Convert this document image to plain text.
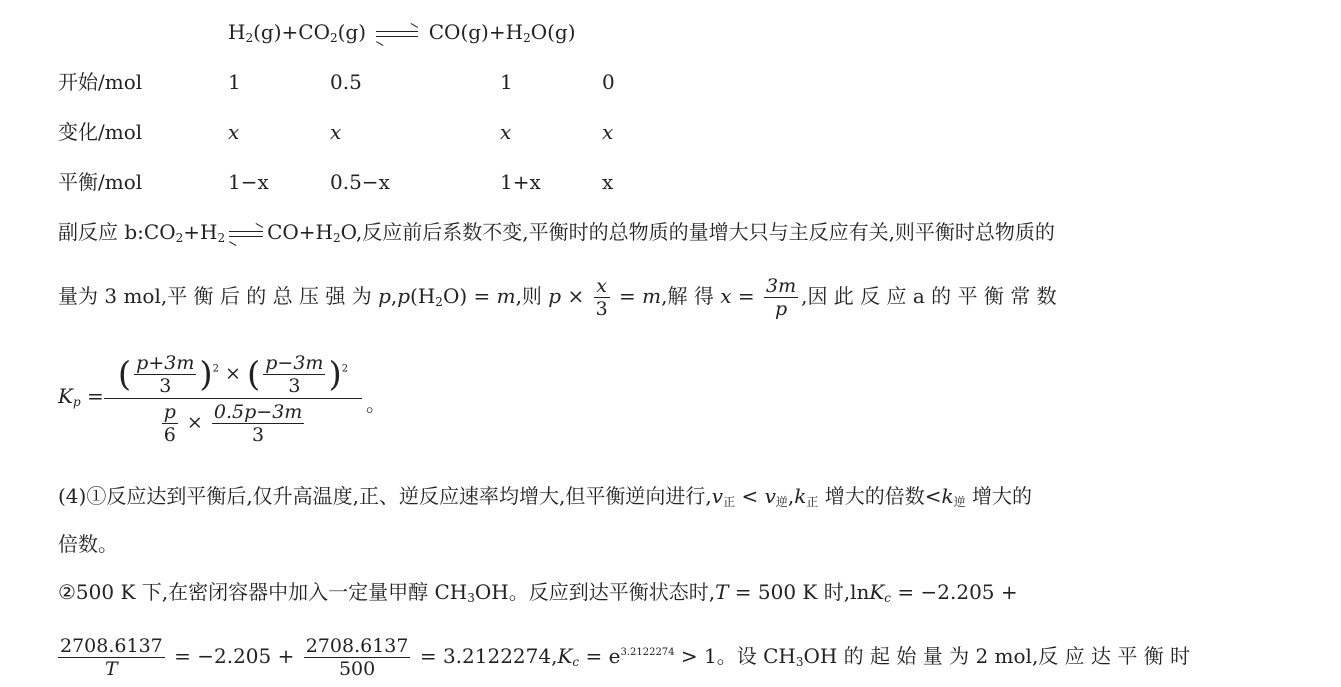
$H_2(g)+CO_2(g) \to CO(g)+H_2O(g)$
开始/mol	1	0.5	1	0
变化/mol	x	x	x	x
平衡/mol	1−x	0.5−x	1+x	x
副反应 $b:CO_2+H_2 \to CO+H_2O$,反应前后系数不变,平衡时的总物质的量增大只与主反应有关,则平衡时总物质的
量为 3 mol,平 衡 后 的 总 压 强 为 $p,p(H_2O) = m$,则 $p \times \frac{x}{3} = m$,解 得 $x = \frac{3m}{p}$ ,因 此 反 应 a 的 平 衡 常 数
$K_p$ =
( $\frac{p+3m}{3} )^2$ × ( $\frac{p-3m}{3} )^2$
$\frac{p}{6} \times \frac{0.5p-3m}{3}$	。
(4)①反应达到平衡后,仅升高温度,正、逆反应速率均增大,但平衡逆向进行$,v_正 < v_逆,k_正$ 增大的倍数$<k_逆$ 增大的
倍数。
②500 K 下,在密闭容器中加入一定量甲醇 $CH_3OH$。反应到达平衡状态时,T = 500 K 时,lnK$_c$ = −2.205 +
$\frac{2708.6137}{T} = -2.205 + \frac{2708.6137}{500} = 3.2122274,K_c = e^{3.2122274} > 1$。设 $CH_3OH$ 的 起 始 量 为 2 mol,反 应 达 平 衡 时
